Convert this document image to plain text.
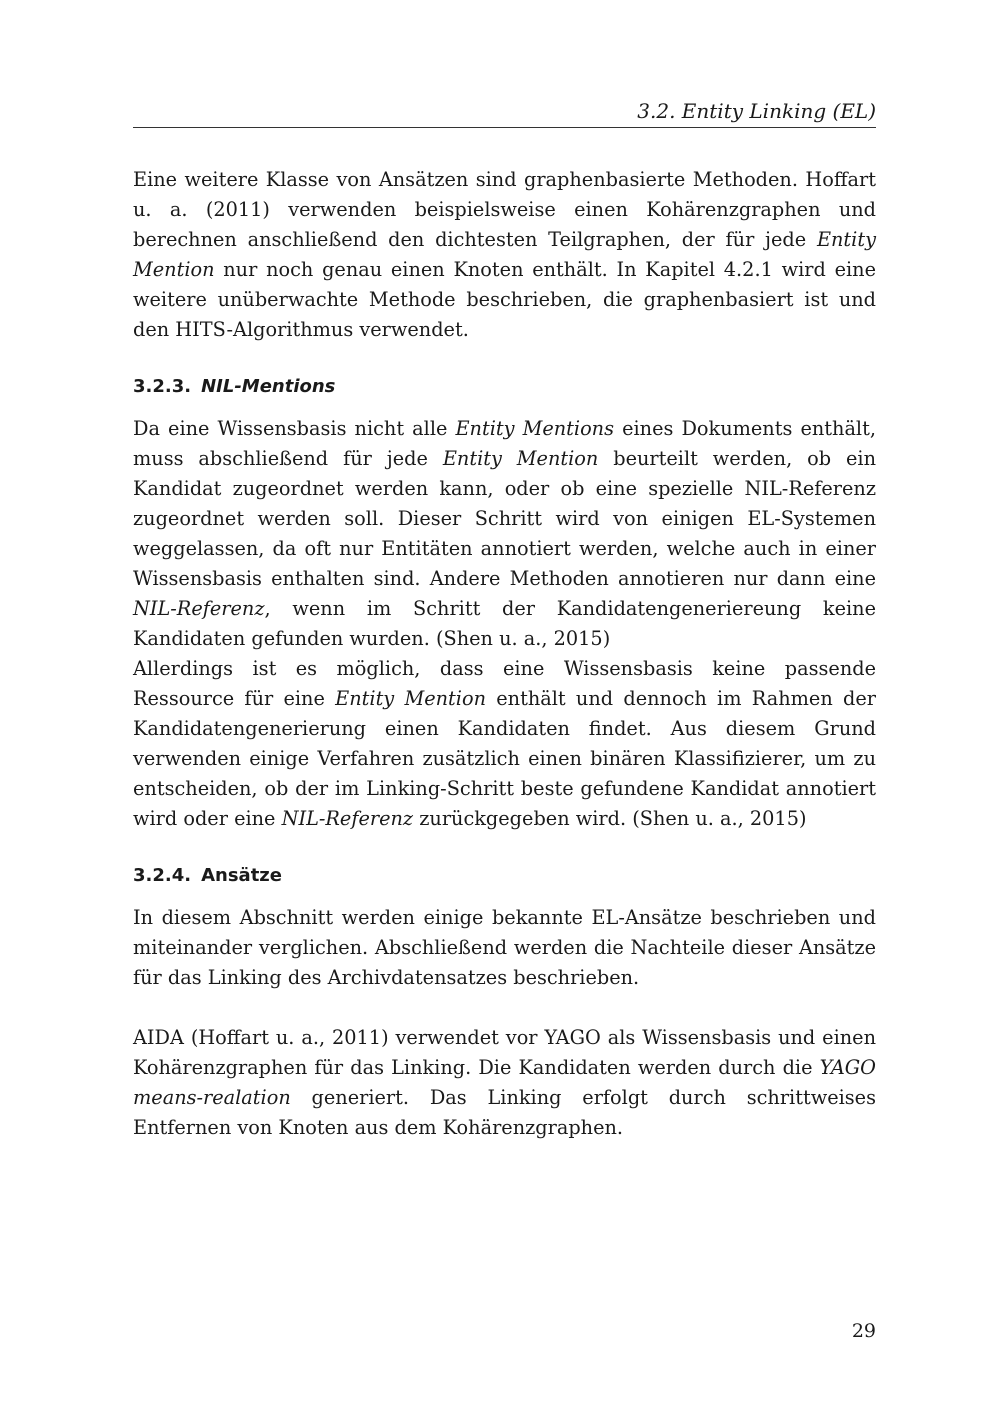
3.2. Entity Linking (EL)

Eine weitere Klasse von Ansätzen sind graphenbasierte Methoden. Hoffart u. a. (2011) verwenden beispielsweise einen Kohärenzgraphen und berechnen anschließend den dichtesten Teilgraphen, der für jede Entity Mention nur noch genau einen Knoten enthält. In Kapitel 4.2.1 wird eine weitere unüberwachte Methode beschrieben, die graphenbasiert ist und den HITS-Algorithmus verwendet.

3.2.3. NIL-Mentions

Da eine Wissensbasis nicht alle Entity Mentions eines Dokuments enthält, muss abschließend für jede Entity Mention beurteilt werden, ob ein Kandidat zugeordnet werden kann, oder ob eine spezielle NIL-Referenz zugeordnet werden soll. Dieser Schritt wird von einigen EL-Systemen weggelassen, da oft nur Entitäten annotiert werden, welche auch in einer Wissensbasis enthalten sind. Andere Methoden annotieren nur dann eine NIL-Referenz, wenn im Schritt der Kandidatengeneriereung keine Kandidaten gefunden wurden. (Shen u. a., 2015)

Allerdings ist es möglich, dass eine Wissensbasis keine passende Ressource für eine Entity Mention enthält und dennoch im Rahmen der Kandidatengenerierung einen Kandidaten findet. Aus diesem Grund verwenden einige Verfahren zusätzlich einen binären Klassifizierer, um zu entscheiden, ob der im Linking-Schritt beste gefundene Kandidat annotiert wird oder eine NIL-Referenz zurückgegeben wird. (Shen u. a., 2015)

3.2.4. Ansätze

In diesem Abschnitt werden einige bekannte EL-Ansätze beschrieben und miteinander verglichen. Abschließend werden die Nachteile dieser Ansätze für das Linking des Archivdatensatzes beschrieben.

AIDA (Hoffart u. a., 2011) verwendet vor YAGO als Wissensbasis und einen Kohärenzgraphen für das Linking. Die Kandidaten werden durch die YAGO means-realation generiert. Das Linking erfolgt durch schrittweises Entfernen von Knoten aus dem Kohärenzgraphen.

29
